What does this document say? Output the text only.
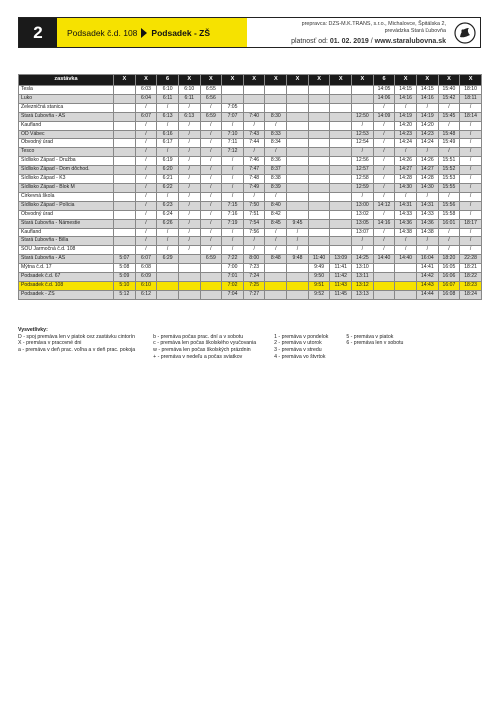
2	Podsadek č.d. 108 Podsadek - ZŠ
prepravca: DZS-M.K.TRANS, s.r.o., Michalovce, Špitálska 2,
prevádzka Stará Ľubovňa
platnosť od: 01. 02. 2019 / www.staralubovna.sk
zastávka	X	X	6	X	X	X	X	X	X	X	X	X	6	X	X	X	X	
Tesla		6:03	6:10	6:10	6:55								14:05	14:15	14:15	15:40	18:10	
Luko		6:04	6:11	6:11	6:56								14:06	14:16	14:16	15:42	18:11	
Železničná stanica		/	/	/	/	7:05							/	/	/	/	/	
Stará Ľubovňa - AS		6:07	6:13	6:13	6:59	7:07	7:40	8:30				12:50	14:09	14:19	14:19	15:45	18:14	
Kaufland		/	/	/	/	/	/	/				/	/	14:20	14:20	/	/	
OD Vábec		/	6:16	/	/	7:10	7:43	8:33				12:53	/	14:23	14:23	15:48	/	
Obvodný úrad		/	6:17	/	/	7:11	7:44	8:34				12:54	/	14:24	14:24	15:49	/	
Tesco		/	/	/	/	7:12	/	/				/	/	/	/	/	/	
Sídlisko Západ - Družba		/	6:19	/	/	/	7:46	8:36				12:56	/	14:26	14:26	15:51	/	
Sídlisko Západ - Dom dôchod.		/	6:20	/	/	/	7:47	8:37				12:57	/	14:27	14:27	15:52	/	
Sídlisko Západ - K3		/	6:21	/	/	/	7:48	8:38				12:58	/	14:28	14:28	15:53	/	
Sídlisko Západ - Blok M		/	6:22	/	/	/	7:49	8:39				12:59	/	14:30	14:30	15:55	/	
Cirkevná škola		/	/	/	/	/	/	/				/	/	/	/	/	/	
Sídlisko Západ - Polícia		/	6:23	/	/	7:15	7:50	8:40				13:00	14:12	14:31	14:31	15:56	/	
Obvodný úrad		/	6:24	/	/	7:16	7:51	8:42				13:02	/	14:33	14:33	15:58	/	
Stará Ľubovňa - Námestie		/	6:26	/	/	7:19	7:54	8:45	9:45			13:05	14:16	14:36	14:36	16:01	18:17	
Kaufland		/	/	/	/	/	7:56	/	/			13:07	/	14:38	14:38	/	/	
Stará Ľubovňa - Billa		/	/	/	/	/	/	/	/			/	/	/	/	/	/	
SOU Jarmočná č.d. 108		/	/	/	/	/	/	/	/			/	/	/	/	/	/	
Stará Ľubovňa - AS	5:07	6:07	6:29		6:59	7:22	8:00	8:48	9:48	11:40	13:09	14:25	14:40	14:40	16:04	18:20	22:28	
Mýtna č.d. 17	5:08	6:08				7:00	7:23			9:49	11:41	13:10			14:41	16:05	18:21	
Podsadek č.d. 67	5:09	6:09				7:01	7:24			9:50	11:42	13:11			14:42	16:06	18:22	
Podsadek č.d. 108	5:10	6:10				7:02	7:25			9:51	11:43	13:12			14:43	16:07	18:23	
Podsadek - ZŠ	5:12	6:12				7:04	7:27			9:52	11:45	13:13			14:44	16:08	18:24	
Vysvetlivky:
D - spoj premáva len v piatok cez zastávku cintorín
X - premáva v pracovné dni
a - premáva v deň prac. voľna a v deň prac. pokoja

b - premáva počas prac. dní a v sobotu
c - premáva len počas školského vyučovania
w - premáva len počas školských prázdnin
+ - premáva v nedeľu a počas sviatkov

1 - premáva v pondelok
2 - premáva v utorok
3 - premáva v stredu
4 - premáva vo štvrtok

5 - premáva v piatok
6 - premáva len v sobotu
